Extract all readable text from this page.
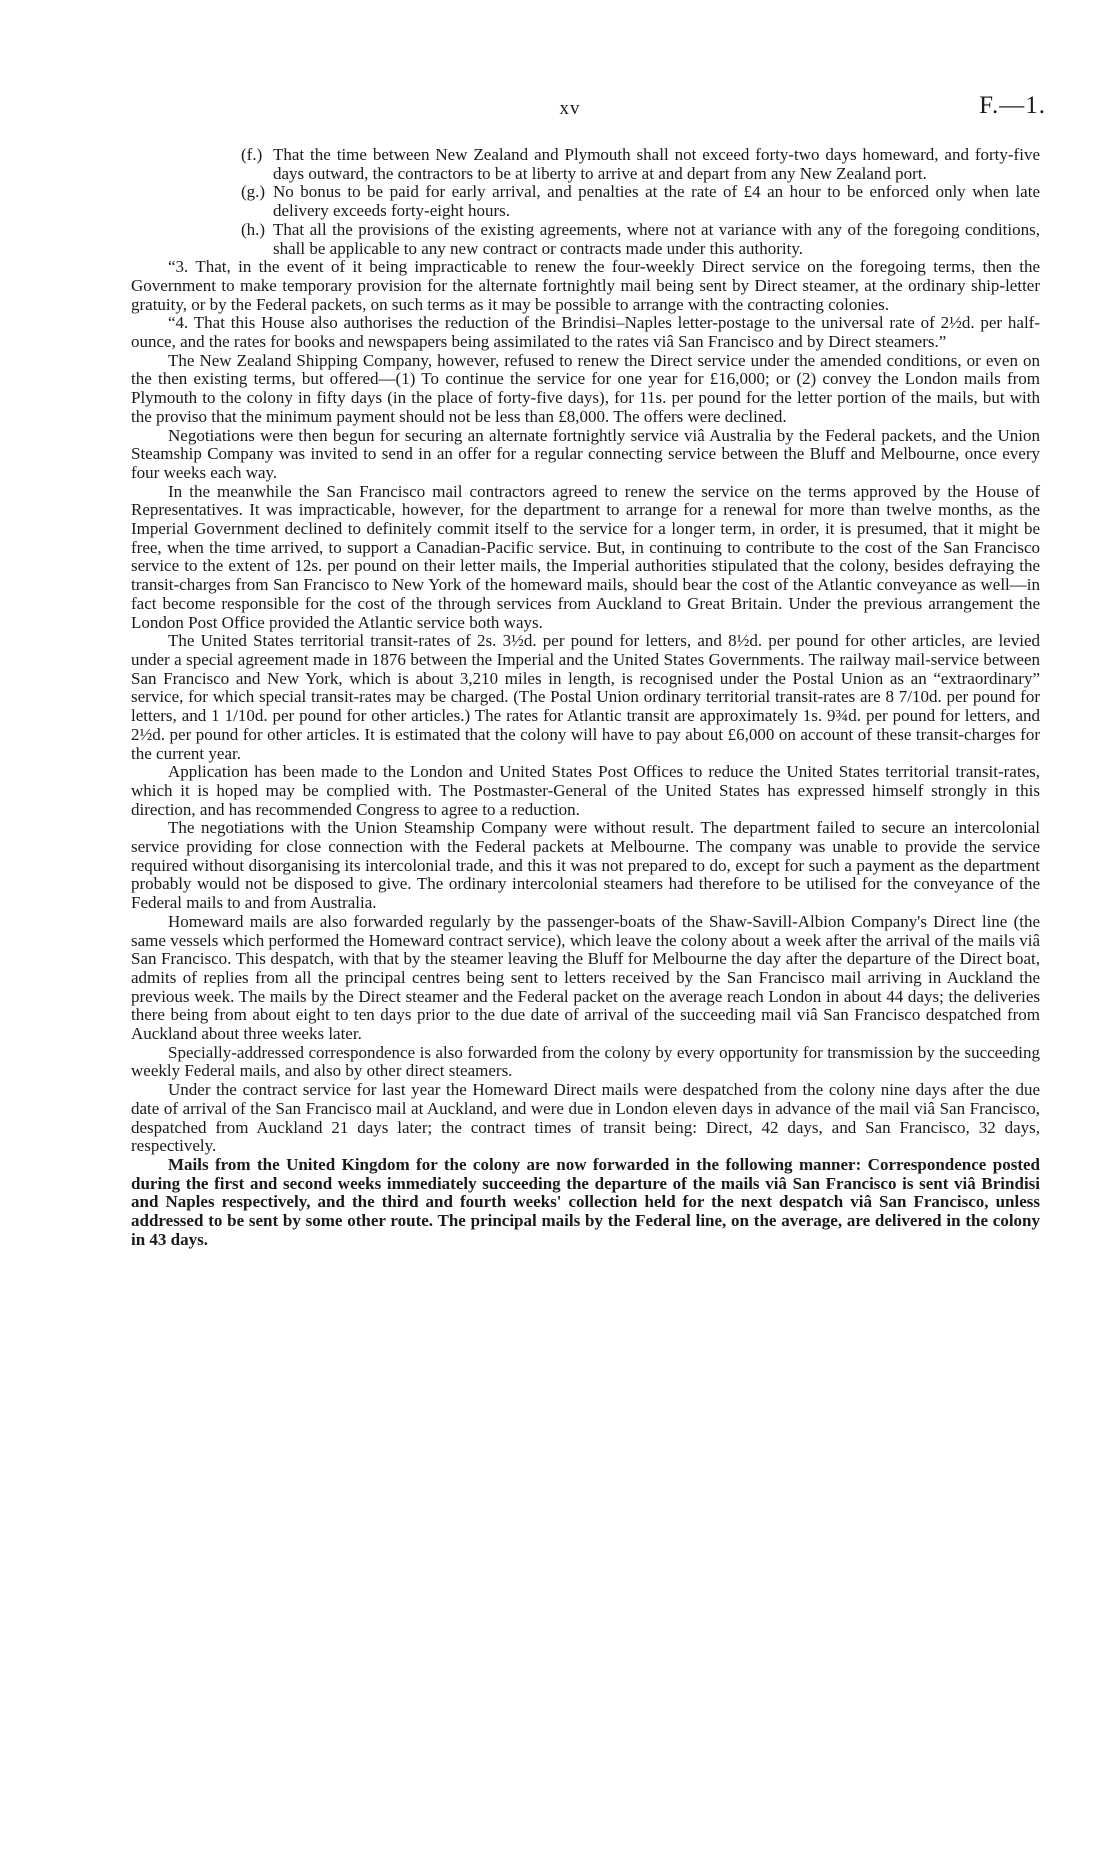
xv	F.—1.

(f.) That the time between New Zealand and Plymouth shall not exceed forty-two days homeward, and forty-five days outward, the contractors to be at liberty to arrive at and depart from any New Zealand port.

(g.) No bonus to be paid for early arrival, and penalties at the rate of £4 an hour to be enforced only when late delivery exceeds forty-eight hours.

(h.) That all the provisions of the existing agreements, where not at variance with any of the foregoing conditions, shall be applicable to any new contract or contracts made under this authority.

“3. That, in the event of it being impracticable to renew the four-weekly Direct service on the foregoing terms, then the Government to make temporary provision for the alternate fortnightly mail being sent by Direct steamer, at the ordinary ship-letter gratuity, or by the Federal packets, on such terms as it may be possible to arrange with the contracting colonies.

“4. That this House also authorises the reduction of the Brindisi–Naples letter-postage to the universal rate of 2½d. per half-ounce, and the rates for books and newspapers being assimilated to the rates viâ San Francisco and by Direct steamers.”

The New Zealand Shipping Company, however, refused to renew the Direct service under the amended conditions, or even on the then existing terms, but offered—(1) To continue the service for one year for £16,000; or (2) convey the London mails from Plymouth to the colony in fifty days (in the place of forty-five days), for 11s. per pound for the letter portion of the mails, but with the proviso that the minimum payment should not be less than £8,000. The offers were declined.

Negotiations were then begun for securing an alternate fortnightly service viâ Australia by the Federal packets, and the Union Steamship Company was invited to send in an offer for a regular connecting service between the Bluff and Melbourne, once every four weeks each way.

In the meanwhile the San Francisco mail contractors agreed to renew the service on the terms approved by the House of Representatives. It was impracticable, however, for the department to arrange for a renewal for more than twelve months, as the Imperial Government declined to definitely commit itself to the service for a longer term, in order, it is presumed, that it might be free, when the time arrived, to support a Canadian-Pacific service. But, in continuing to contribute to the cost of the San Francisco service to the extent of 12s. per pound on their letter mails, the Imperial authorities stipulated that the colony, besides defraying the transit-charges from San Francisco to New York of the homeward mails, should bear the cost of the Atlantic conveyance as well—in fact become responsible for the cost of the through services from Auckland to Great Britain. Under the previous arrangement the London Post Office provided the Atlantic service both ways.

The United States territorial transit-rates of 2s. 3½d. per pound for letters, and 8½d. per pound for other articles, are levied under a special agreement made in 1876 between the Imperial and the United States Governments. The railway mail-service between San Francisco and New York, which is about 3,210 miles in length, is recognised under the Postal Union as an “extraordinary” service, for which special transit-rates may be charged. (The Postal Union ordinary territorial transit-rates are 8 7/10d. per pound for letters, and 1 1/10d. per pound for other articles.) The rates for Atlantic transit are approximately 1s. 9¾d. per pound for letters, and 2½d. per pound for other articles. It is estimated that the colony will have to pay about £6,000 on account of these transit-charges for the current year.

Application has been made to the London and United States Post Offices to reduce the United States territorial transit-rates, which it is hoped may be complied with. The Postmaster-General of the United States has expressed himself strongly in this direction, and has recommended Congress to agree to a reduction.

The negotiations with the Union Steamship Company were without result. The department failed to secure an intercolonial service providing for close connection with the Federal packets at Melbourne. The company was unable to provide the service required without disorganising its intercolonial trade, and this it was not prepared to do, except for such a payment as the department probably would not be disposed to give. The ordinary intercolonial steamers had therefore to be utilised for the conveyance of the Federal mails to and from Australia.

Homeward mails are also forwarded regularly by the passenger-boats of the Shaw-Savill-Albion Company's Direct line (the same vessels which performed the Homeward contract service), which leave the colony about a week after the arrival of the mails viâ San Francisco. This despatch, with that by the steamer leaving the Bluff for Melbourne the day after the departure of the Direct boat, admits of replies from all the principal centres being sent to letters received by the San Francisco mail arriving in Auckland the previous week. The mails by the Direct steamer and the Federal packet on the average reach London in about 44 days; the deliveries there being from about eight to ten days prior to the due date of arrival of the succeeding mail viâ San Francisco despatched from Auckland about three weeks later.

Specially-addressed correspondence is also forwarded from the colony by every opportunity for transmission by the succeeding weekly Federal mails, and also by other direct steamers.

Under the contract service for last year the Homeward Direct mails were despatched from the colony nine days after the due date of arrival of the San Francisco mail at Auckland, and were due in London eleven days in advance of the mail viâ San Francisco, despatched from Auckland 21 days later; the contract times of transit being: Direct, 42 days, and San Francisco, 32 days, respectively.

Mails from the United Kingdom for the colony are now forwarded in the following manner: Correspondence posted during the first and second weeks immediately succeeding the departure of the mails viâ San Francisco is sent viâ Brindisi and Naples respectively, and the third and fourth weeks' collection held for the next despatch viâ San Francisco, unless addressed to be sent by some other route. The principal mails by the Federal line, on the average, are delivered in the colony in 43 days.
